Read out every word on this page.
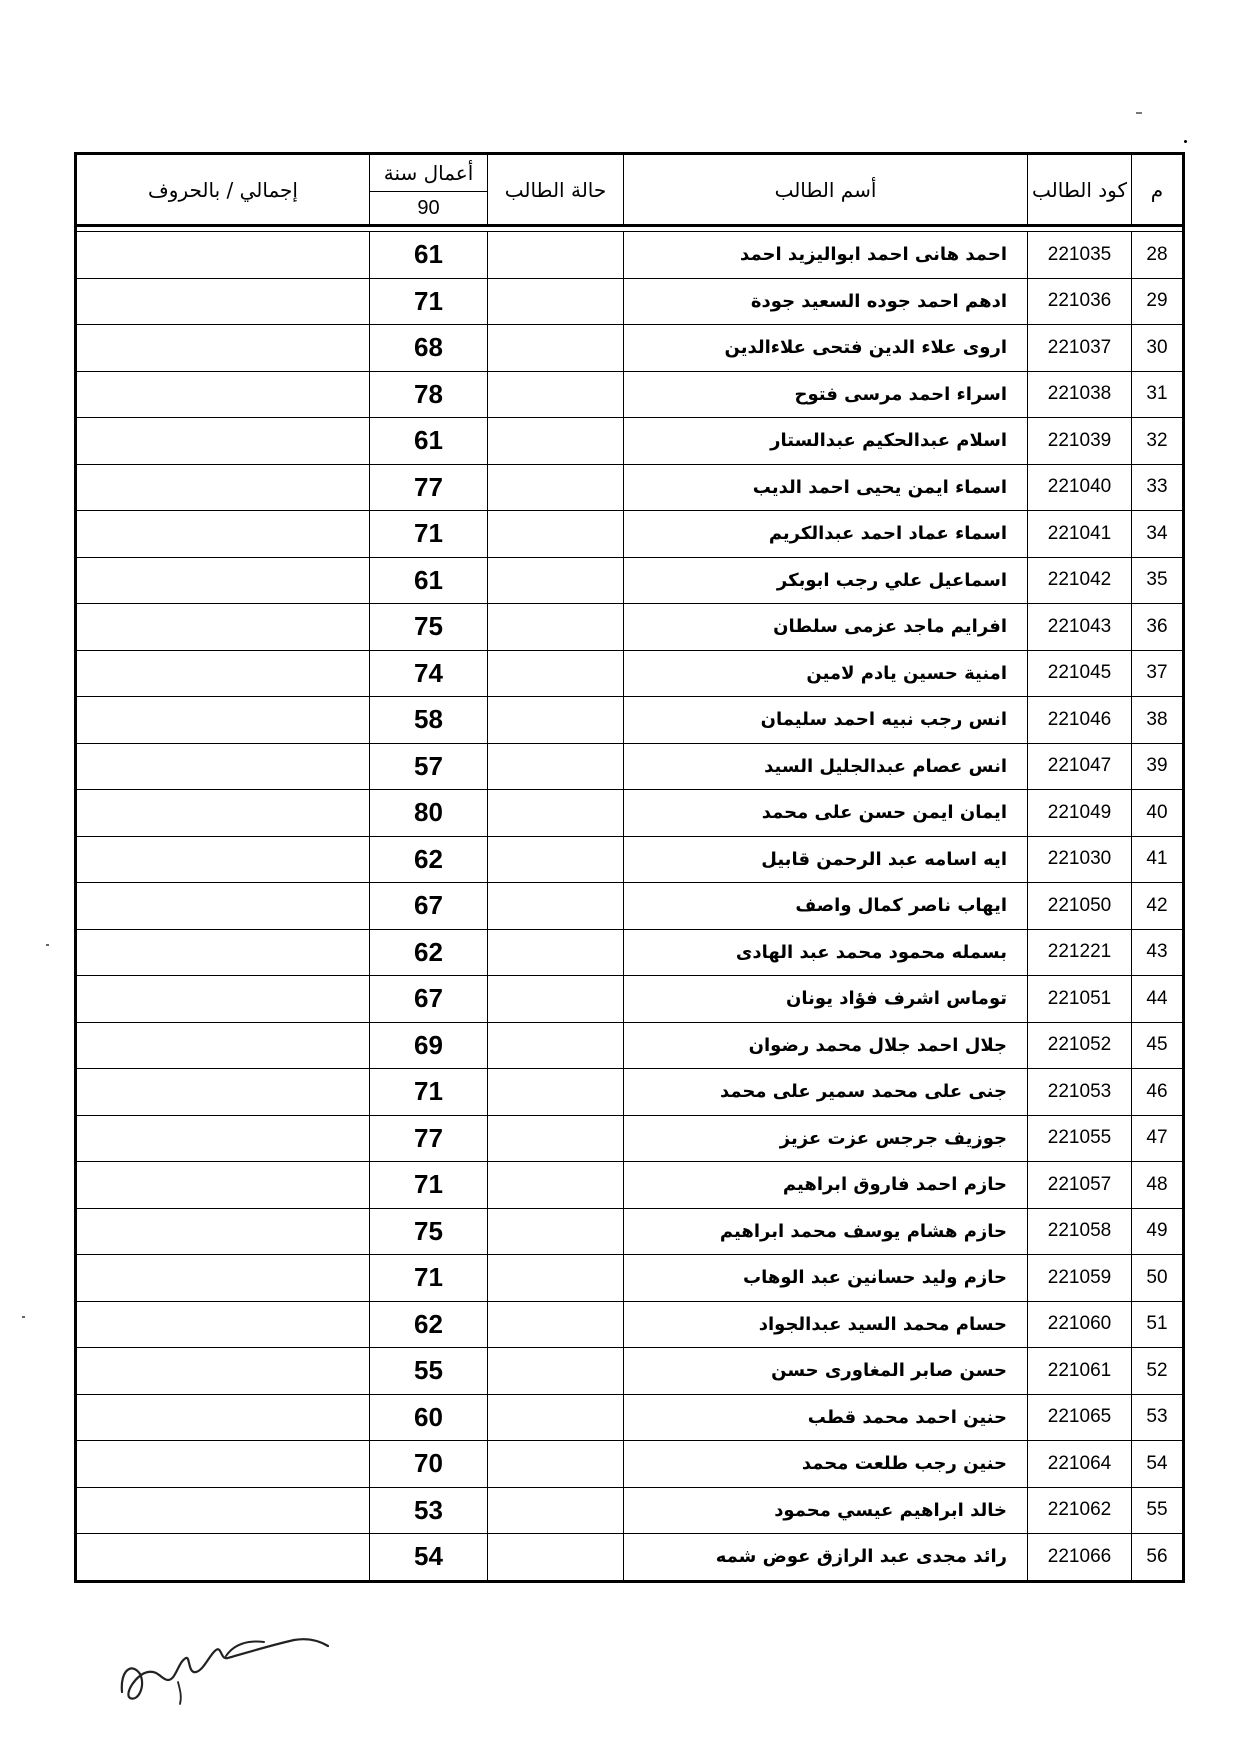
م	كود الطالب	أسم الطالب	حالة الطالب	أعمال سنة	إجمالي / بالحروف
				90	

28	221035	احمد هانى احمد ابواليزيد احمد		61	
29	221036	ادهم احمد جوده السعيد جودة		71	
30	221037	اروى علاء الدين فتحى علاءالدين		68	
31	221038	اسراء احمد مرسى فتوح		78	
32	221039	اسلام عبدالحكيم عبدالستار		61	
33	221040	اسماء ايمن يحيى احمد الديب		77	
34	221041	اسماء عماد احمد عبدالكريم		71	
35	221042	اسماعيل علي رجب ابوبكر		61	
36	221043	افرايم ماجد عزمى سلطان		75	
37	221045	امنية حسين يادم لامين		74	
38	221046	انس رجب نبيه احمد سليمان		58	
39	221047	انس عصام عبدالجليل السيد		57	
40	221049	ايمان ايمن حسن على محمد		80	
41	221030	ايه اسامه عبد الرحمن قابيل		62	
42	221050	ايهاب ناصر كمال واصف		67	
43	221221	بسمله محمود محمد عبد الهادى		62	
44	221051	توماس اشرف فؤاد يونان		67	
45	221052	جلال احمد جلال محمد رضوان		69	
46	221053	جنى على محمد سمير على محمد		71	
47	221055	جوزيف جرجس عزت عزيز		77	
48	221057	حازم احمد فاروق ابراهيم		71	
49	221058	حازم هشام يوسف محمد ابراهيم		75	
50	221059	حازم وليد حسانين عبد الوهاب		71	
51	221060	حسام محمد السيد عبدالجواد		62	
52	221061	حسن صابر المغاورى حسن		55	
53	221065	حنين احمد محمد قطب		60	
54	221064	حنين رجب طلعت محمد		70	
55	221062	خالد ابراهيم عيسي محمود		53	
56	221066	رائد مجدى عبد الرازق عوض شمه		54	
